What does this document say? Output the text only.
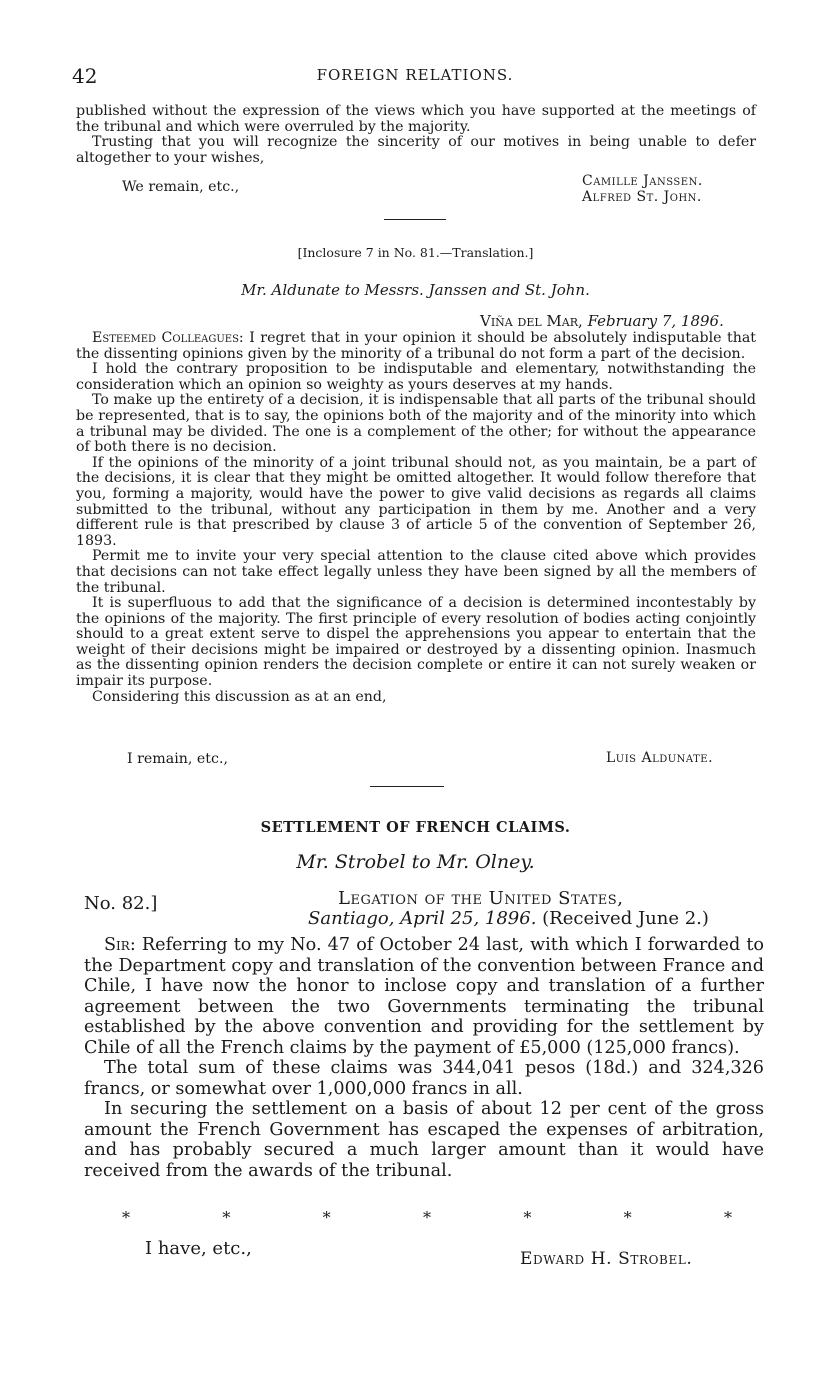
42	FOREIGN RELATIONS.

published without the expression of the views which you have supported at the meetings of the tribunal and which were overruled by the majority.

Trusting that you will recognize the sincerity of our motives in being unable to defer altogether to your wishes,

We remain, etc.,	Camille Janssen.
Alfred St. John.
[Inclosure 7 in No. 81.—Translation.]
Mr. Aldunate to Messrs. Janssen and St. John.
Viña del Mar, February 7, 1896.

Esteemed Colleagues: I regret that in your opinion it should be absolutely indisputable that the dissenting opinions given by the minority of a tribunal do not form a part of the decision.

I hold the contrary proposition to be indisputable and elementary, notwithstanding the consideration which an opinion so weighty as yours deserves at my hands.

To make up the entirety of a decision, it is indispensable that all parts of the tribunal should be represented, that is to say, the opinions both of the majority and of the minority into which a tribunal may be divided. The one is a complement of the other; for without the appearance of both there is no decision.

If the opinions of the minority of a joint tribunal should not, as you maintain, be a part of the decisions, it is clear that they might be omitted altogether. It would follow therefore that you, forming a majority, would have the power to give valid decisions as regards all claims submitted to the tribunal, without any participation in them by me. Another and a very different rule is that prescribed by clause 3 of article 5 of the convention of September 26, 1893.

Permit me to invite your very special attention to the clause cited above which provides that decisions can not take effect legally unless they have been signed by all the members of the tribunal.

It is superfluous to add that the significance of a decision is determined incontestably by the opinions of the majority. The first principle of every resolution of bodies acting conjointly should to a great extent serve to dispel the apprehensions you appear to entertain that the weight of their decisions might be impaired or destroyed by a dissenting opinion. Inasmuch as the dissenting opinion renders the decision complete or entire it can not surely weaken or impair its purpose.

Considering this discussion as at an end,

I remain, etc.,	Luis Aldunate.
SETTLEMENT OF FRENCH CLAIMS.
Mr. Strobel to Mr. Olney.
No. 82.]	Legation of the United States,
Santiago, April 25, 1896. (Received June 2.)

Sir: Referring to my No. 47 of October 24 last, with which I forwarded to the Department copy and translation of the convention between France and Chile, I have now the honor to inclose copy and translation of a further agreement between the two Governments terminating the tribunal established by the above convention and providing for the settlement by Chile of all the French claims by the payment of £5,000 (125,000 francs).

The total sum of these claims was 344,041 pesos (18d.) and 324,326 francs, or somewhat over 1,000,000 francs in all.

In securing the settlement on a basis of about 12 per cent of the gross amount the French Government has escaped the expenses of arbitration, and has probably secured a much larger amount than it would have received from the awards of the tribunal.

*	*	*	*	*	*	*
I have, etc.,	Edward H. Strobel.
